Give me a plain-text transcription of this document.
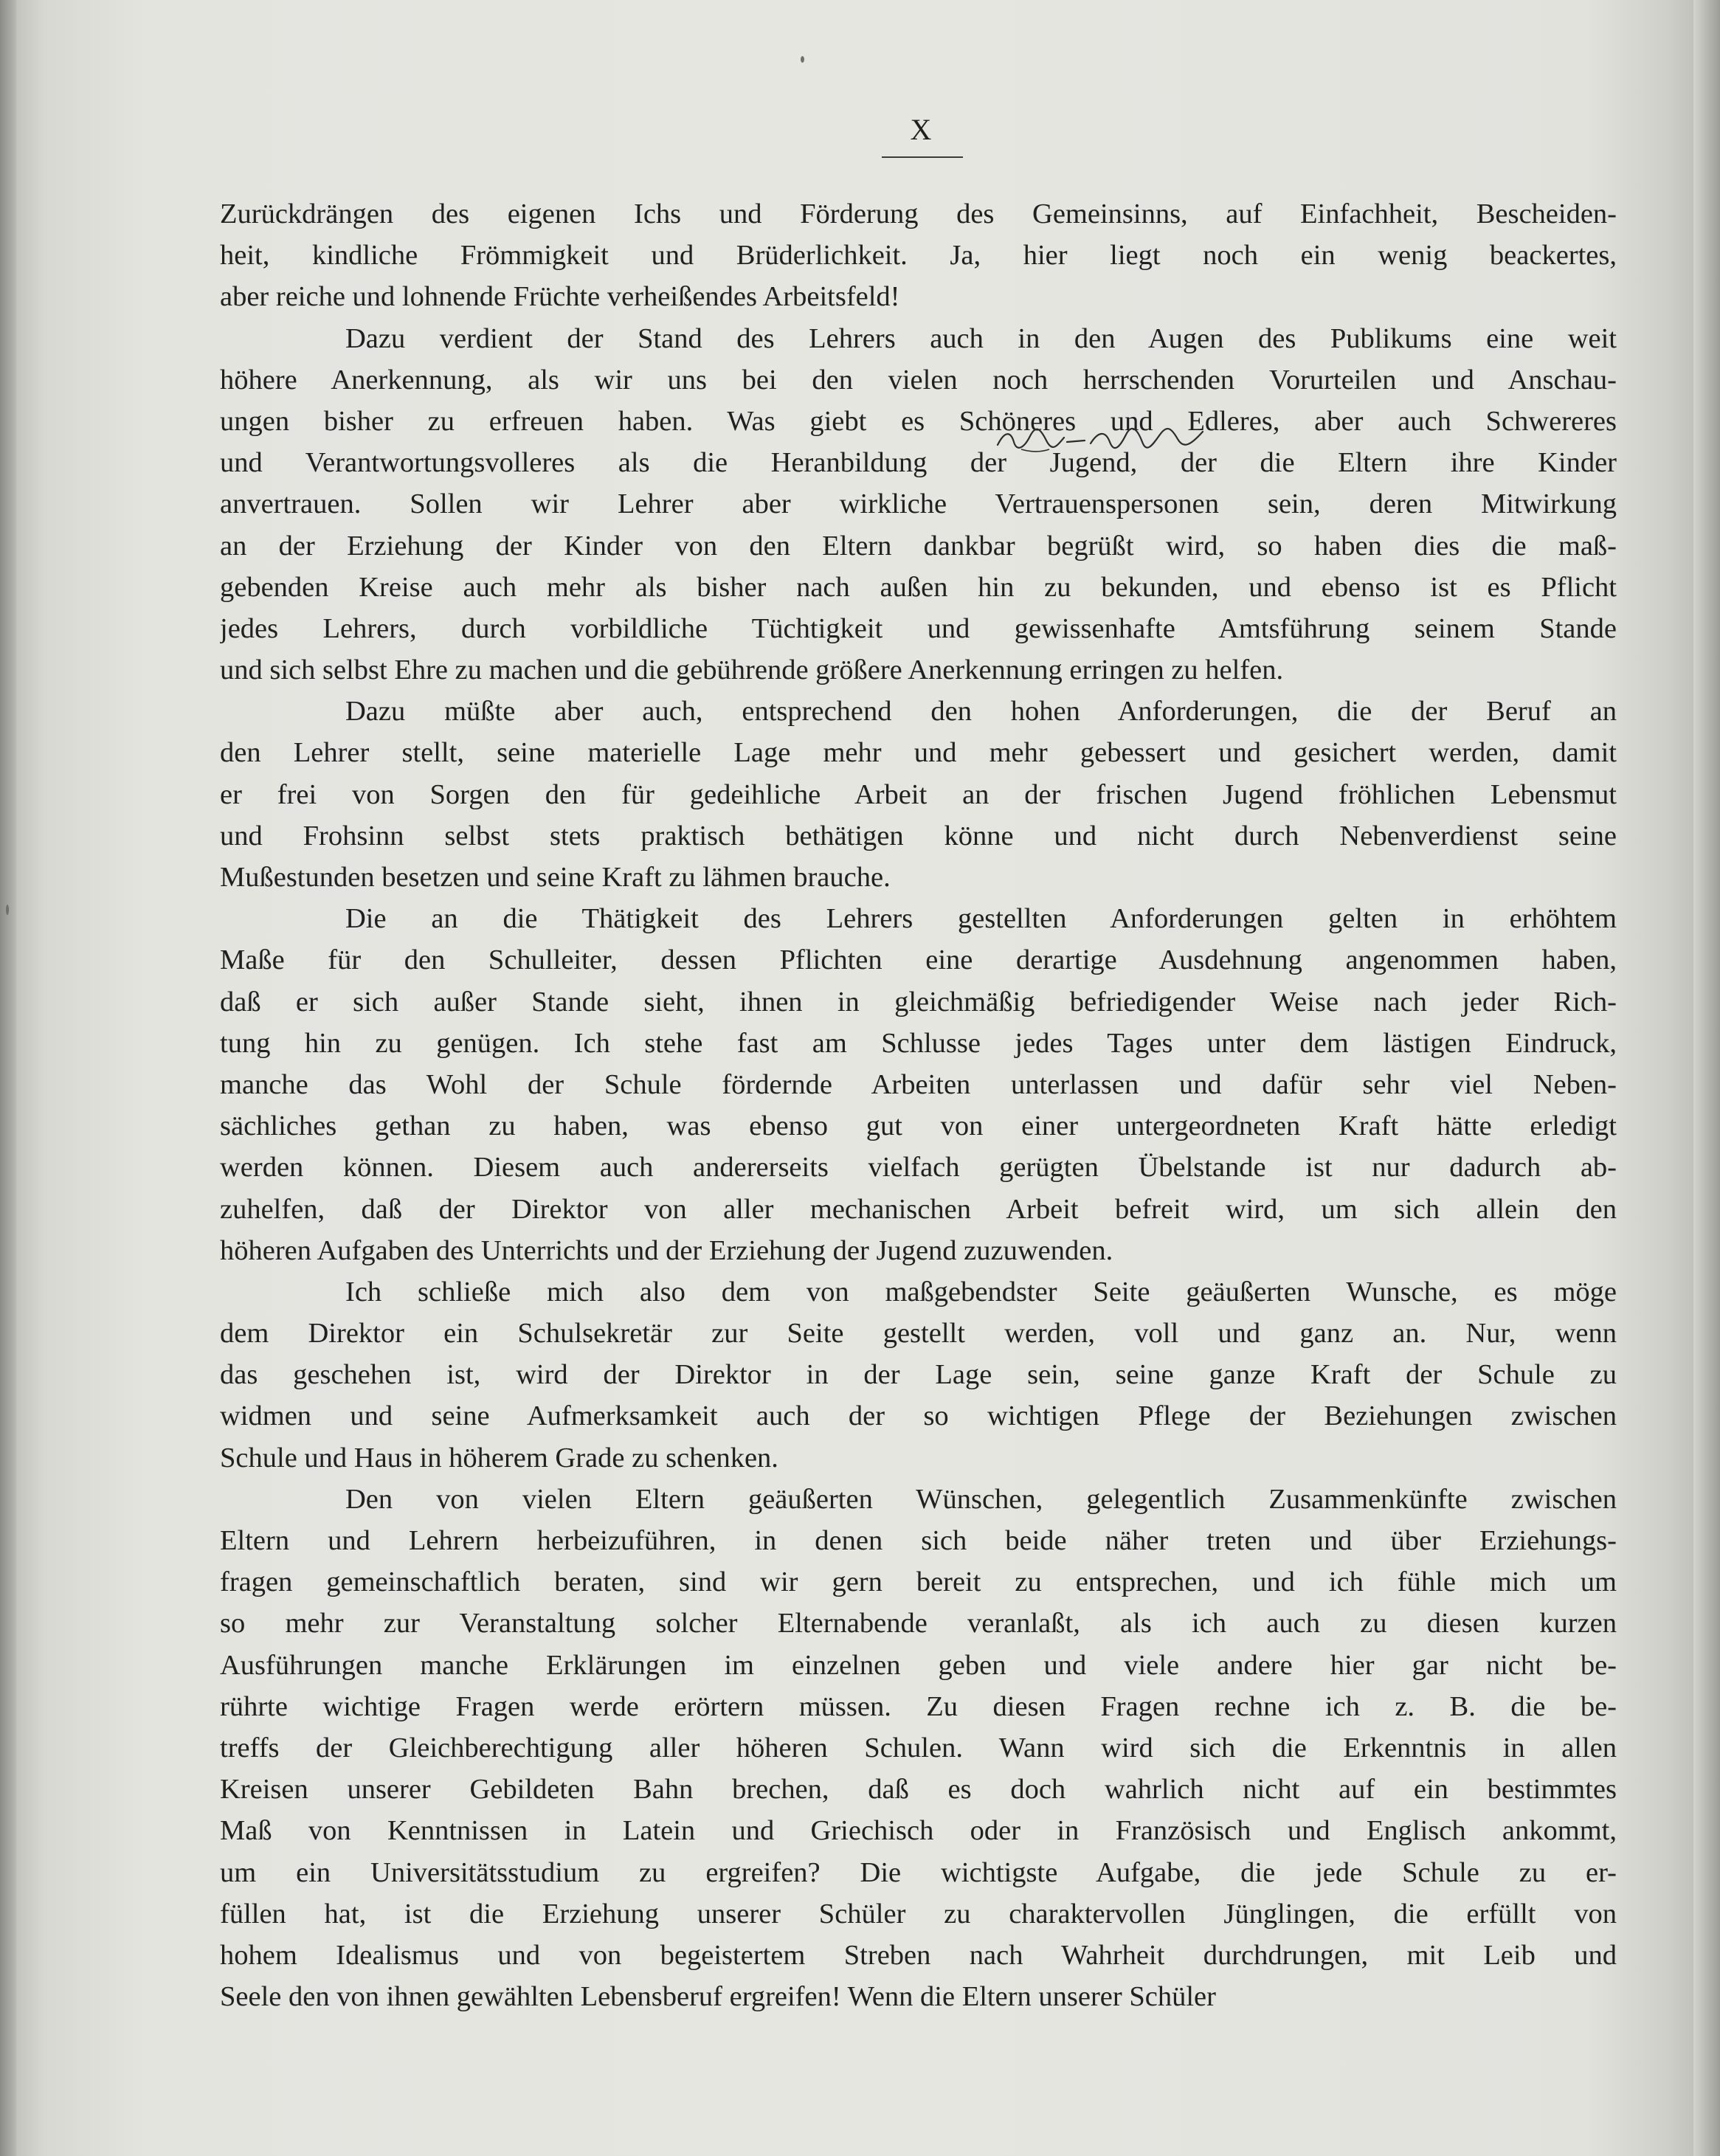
X
Zurückdrängen des eigenen Ichs und Förderung des Gemeinsinns, auf Einfachheit, Bescheiden-
heit, kindliche Frömmigkeit und Brüderlichkeit. Ja, hier liegt noch ein wenig beackertes,
aber reiche und lohnende Früchte verheißendes Arbeitsfeld!
Dazu verdient der Stand des Lehrers auch in den Augen des Publikums eine weit
höhere Anerkennung, als wir uns bei den vielen noch herrschenden Vorurteilen und Anschau-
ungen bisher zu erfreuen haben. Was giebt es Schöneres und Edleres, aber auch Schwereres
und Verantwortungsvolleres als die Heranbildung der Jugend, der die Eltern ihre Kinder
anvertrauen. Sollen wir Lehrer aber wirkliche Vertrauenspersonen sein, deren Mitwirkung
an der Erziehung der Kinder von den Eltern dankbar begrüßt wird, so haben dies die maß-
gebenden Kreise auch mehr als bisher nach außen hin zu bekunden, und ebenso ist es Pflicht
jedes Lehrers, durch vorbildliche Tüchtigkeit und gewissenhafte Amtsführung seinem Stande
und sich selbst Ehre zu machen und die gebührende größere Anerkennung erringen zu helfen.
Dazu müßte aber auch, entsprechend den hohen Anforderungen, die der Beruf an
den Lehrer stellt, seine materielle Lage mehr und mehr gebessert und gesichert werden, damit
er frei von Sorgen den für gedeihliche Arbeit an der frischen Jugend fröhlichen Lebensmut
und Frohsinn selbst stets praktisch bethätigen könne und nicht durch Nebenverdienst seine
Mußestunden besetzen und seine Kraft zu lähmen brauche.
Die an die Thätigkeit des Lehrers gestellten Anforderungen gelten in erhöhtem
Maße für den Schulleiter, dessen Pflichten eine derartige Ausdehnung angenommen haben,
daß er sich außer Stande sieht, ihnen in gleichmäßig befriedigender Weise nach jeder Rich-
tung hin zu genügen. Ich stehe fast am Schlusse jedes Tages unter dem lästigen Eindruck,
manche das Wohl der Schule fördernde Arbeiten unterlassen und dafür sehr viel Neben-
sächliches gethan zu haben, was ebenso gut von einer untergeordneten Kraft hätte erledigt
werden können. Diesem auch andererseits vielfach gerügten Übelstande ist nur dadurch ab-
zuhelfen, daß der Direktor von aller mechanischen Arbeit befreit wird, um sich allein den
höheren Aufgaben des Unterrichts und der Erziehung der Jugend zuzuwenden.
Ich schließe mich also dem von maßgebendster Seite geäußerten Wunsche, es möge
dem Direktor ein Schulsekretär zur Seite gestellt werden, voll und ganz an. Nur, wenn
das geschehen ist, wird der Direktor in der Lage sein, seine ganze Kraft der Schule zu
widmen und seine Aufmerksamkeit auch der so wichtigen Pflege der Beziehungen zwischen
Schule und Haus in höherem Grade zu schenken.
Den von vielen Eltern geäußerten Wünschen, gelegentlich Zusammenkünfte zwischen
Eltern und Lehrern herbeizuführen, in denen sich beide näher treten und über Erziehungs-
fragen gemeinschaftlich beraten, sind wir gern bereit zu entsprechen, und ich fühle mich um
so mehr zur Veranstaltung solcher Elternabende veranlaßt, als ich auch zu diesen kurzen
Ausführungen manche Erklärungen im einzelnen geben und viele andere hier gar nicht be-
rührte wichtige Fragen werde erörtern müssen. Zu diesen Fragen rechne ich z. B. die be-
treffs der Gleichberechtigung aller höheren Schulen. Wann wird sich die Erkenntnis in allen
Kreisen unserer Gebildeten Bahn brechen, daß es doch wahrlich nicht auf ein bestimmtes
Maß von Kenntnissen in Latein und Griechisch oder in Französisch und Englisch ankommt,
um ein Universitätsstudium zu ergreifen? Die wichtigste Aufgabe, die jede Schule zu er-
füllen hat, ist die Erziehung unserer Schüler zu charaktervollen Jünglingen, die erfüllt von
hohem Idealismus und von begeistertem Streben nach Wahrheit durchdrungen, mit Leib und
Seele den von ihnen gewählten Lebensberuf ergreifen! Wenn die Eltern unserer Schüler
